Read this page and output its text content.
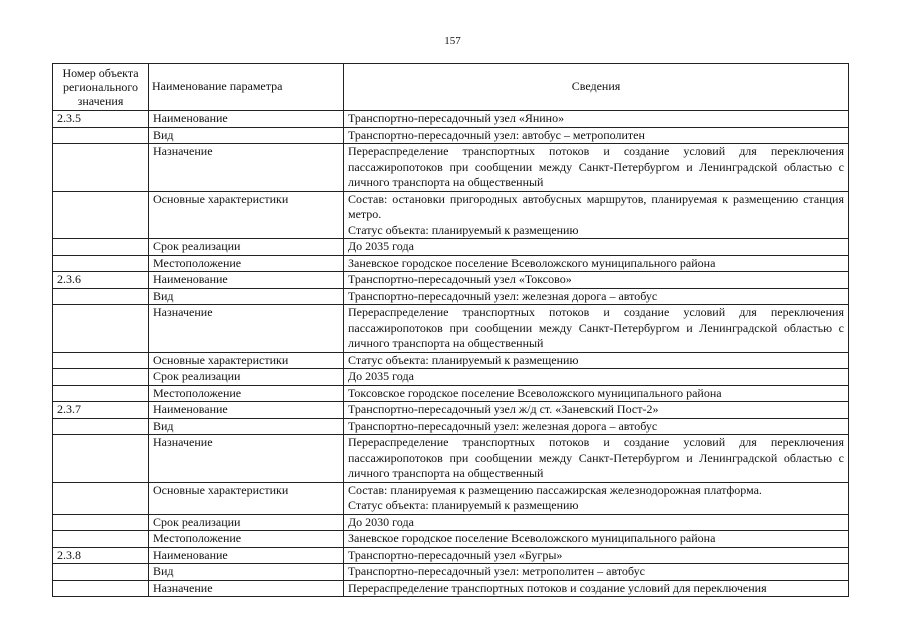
157
Номер объекта регионального значения	Наименование параметра	Сведения
2.3.5	Наименование	Транспортно-пересадочный узел «Янино»

	Вид	Транспортно-пересадочный узел: автобус – метрополитен

	Назначение	Перераспределение транспортных потоков и создание условий для переключения пассажиропотоков при сообщении между Санкт-Петербургом и Ленинградской областью с личного транспорта на общественный

	Основные характеристики	Состав: остановки пригородных автобусных маршрутов, планируемая к размещению станция метро.
Статус объекта: планируемый к размещению

	Срок реализации	До 2035 года

	Местоположение	Заневское городское поселение Всеволожского муниципального района

2.3.6	Наименование	Транспортно-пересадочный узел «Токсово»

	Вид	Транспортно-пересадочный узел: железная дорога – автобус

	Назначение	Перераспределение транспортных потоков и создание условий для переключения пассажиропотоков при сообщении между Санкт-Петербургом и Ленинградской областью с личного транспорта на общественный

	Основные характеристики	Статус объекта: планируемый к размещению

	Срок реализации	До 2035 года

	Местоположение	Токсовское городское поселение Всеволожского муниципального района

2.3.7	Наименование	Транспортно-пересадочный узел ж/д ст. «Заневский Пост-2»

	Вид	Транспортно-пересадочный узел: железная дорога – автобус

	Назначение	Перераспределение транспортных потоков и создание условий для переключения пассажиропотоков при сообщении между Санкт-Петербургом и Ленинградской областью с личного транспорта на общественный

	Основные характеристики	Состав: планируемая к размещению пассажирская железнодорожная платформа.
Статус объекта: планируемый к размещению

	Срок реализации	До 2030 года

	Местоположение	Заневское городское поселение Всеволожского муниципального района

2.3.8	Наименование	Транспортно-пересадочный узел «Бугры»

	Вид	Транспортно-пересадочный узел: метрополитен – автобус

	Назначение	Перераспределение транспортных потоков и создание условий для переключения
